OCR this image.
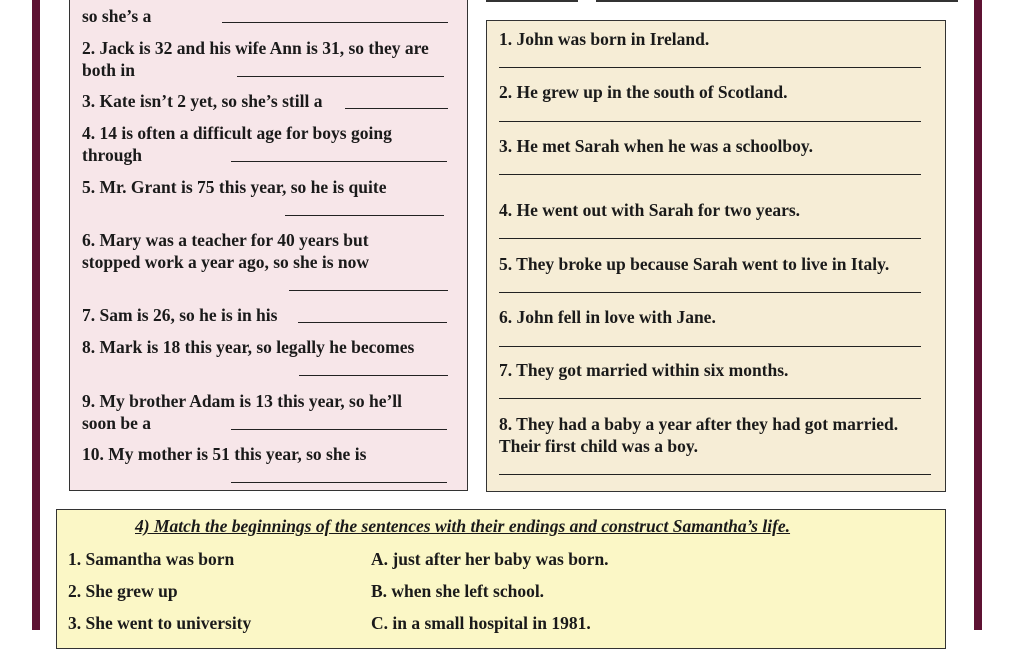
so she’s a
2. Jack is 32 and his wife Ann is 31, so they are
both in
3. Kate isn’t 2 yet, so she’s still a
4. 14 is often a difficult age for boys going
through
5. Mr. Grant is 75 this year, so he is quite
6. Mary was a teacher for 40 years but
stopped work a year ago, so she is now
7. Sam is 26, so he is in his
8. Mark is 18 this year, so legally he becomes
9. My brother Adam is 13 this year, so he’ll
soon be a
10. My mother is 51 this year, so she is
1. John was born in Ireland.
2. He grew up in the south of Scotland.
3. He met Sarah when he was a schoolboy.
4. He went out with Sarah for two years.
5. They broke up because Sarah went to live in Italy.
6. John fell in love with Jane.
7. They got married within six months.
8. They had a baby a year after they had got married.
Their first child was a boy.
4) Match the beginnings of the sentences with their endings and construct Samantha’s life.
1. Samantha was born
2. She grew up
3. She went to university
A. just after her baby was born.
B. when she left school.
C. in a small hospital in 1981.
